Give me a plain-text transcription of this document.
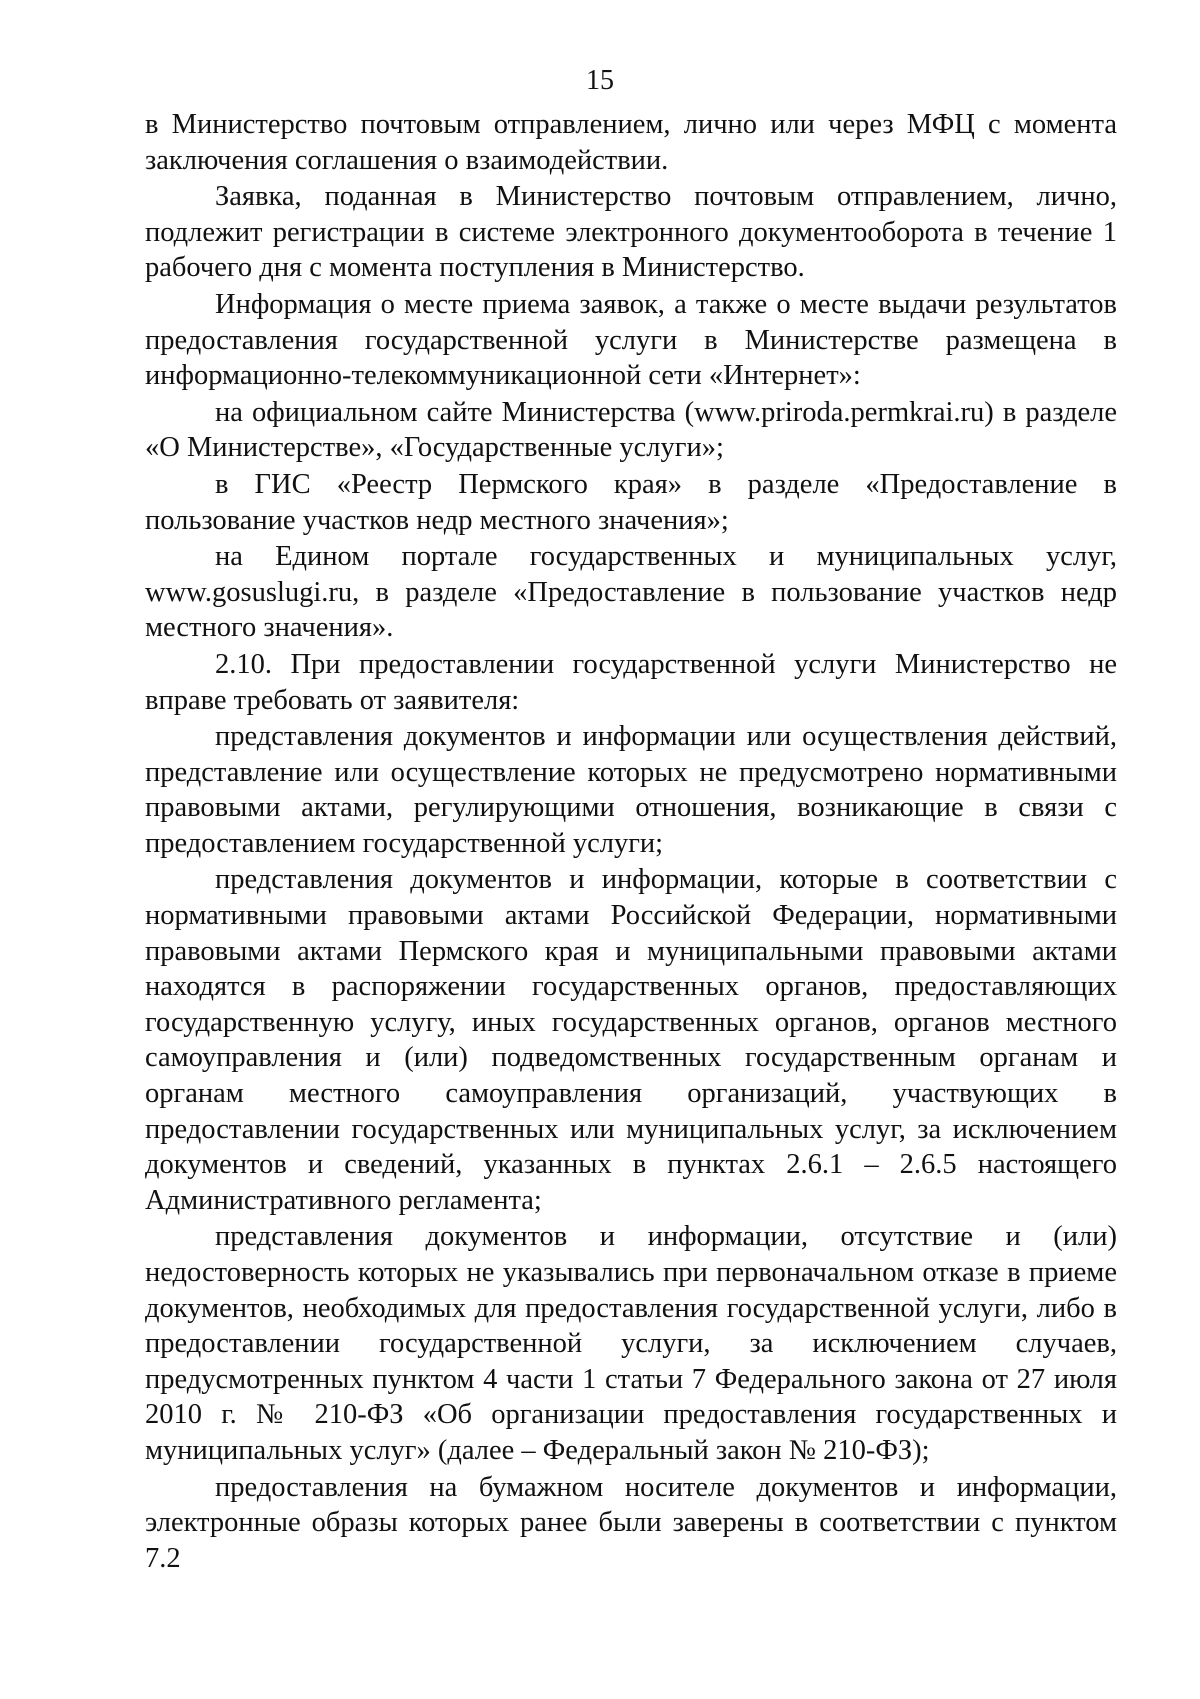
15

в Министерство почтовым отправлением, лично или через МФЦ с момента заключения соглашения о взаимодействии.

Заявка, поданная в Министерство почтовым отправлением, лично, подлежит регистрации в системе электронного документооборота в течение 1 рабочего дня с момента поступления в Министерство.

Информация о месте приема заявок, а также о месте выдачи результатов предоставления государственной услуги в Министерстве размещена в информационно-телекоммуникационной сети «Интернет»:

на официальном сайте Министерства (www.priroda.permkrai.ru) в разделе «О Министерстве», «Государственные услуги»;

в ГИС «Реестр Пермского края» в разделе «Предоставление в пользование участков недр местного значения»;

на Едином портале государственных и муниципальных услуг, www.gosuslugi.ru, в разделе «Предоставление в пользование участков недр местного значения».

2.10. При предоставлении государственной услуги Министерство не вправе требовать от заявителя:

представления документов и информации или осуществления действий, представление или осуществление которых не предусмотрено нормативными правовыми актами, регулирующими отношения, возникающие в связи с предоставлением государственной услуги;

представления документов и информации, которые в соответствии с нормативными правовыми актами Российской Федерации, нормативными правовыми актами Пермского края и муниципальными правовыми актами находятся в распоряжении государственных органов, предоставляющих государственную услугу, иных государственных органов, органов местного самоуправления и (или) подведомственных государственным органам и органам местного самоуправления организаций, участвующих в предоставлении государственных или муниципальных услуг, за исключением документов и сведений, указанных в пунктах 2.6.1 – 2.6.5 настоящего Административного регламента;

представления документов и информации, отсутствие и (или) недостоверность которых не указывались при первоначальном отказе в приеме документов, необходимых для предоставления государственной услуги, либо в предоставлении государственной услуги, за исключением случаев, предусмотренных пунктом 4 части 1 статьи 7 Федерального закона от 27 июля 2010 г. № 210-ФЗ «Об организации предоставления государственных и муниципальных услуг» (далее – Федеральный закон № 210-ФЗ);

предоставления на бумажном носителе документов и информации, электронные образы которых ранее были заверены в соответствии с пунктом 7.2
